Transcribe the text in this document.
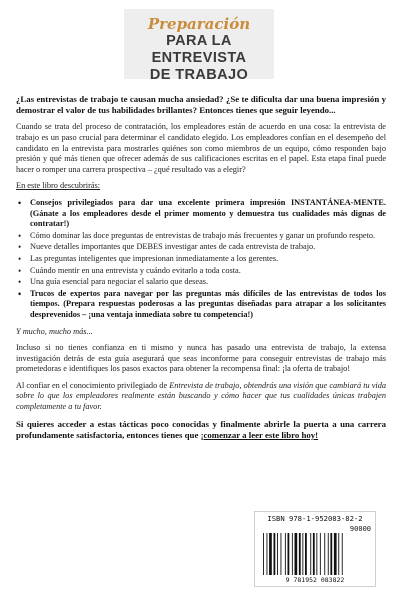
Preparación
PARA LA ENTREVISTA
DE TRABAJO

¿Las entrevistas de trabajo te causan mucha ansiedad? ¿Se te dificulta dar una buena impresión y demostrar el valor de tus habilidades brillantes? Entonces tienes que seguir leyendo...

Cuando se trata del proceso de contratación, los empleadores están de acuerdo en una cosa: la entrevista de trabajo es un paso crucial para determinar el candidato elegido. Los empleadores confían en el desempeño del candidato en la entrevista para mostrarles quiénes son como miembros de un equipo, cómo responden bajo presión y qué más tienen que ofrecer además de sus calificaciones escritas en el papel. Esta etapa final puede hacer o romper una carrera prospectiva – ¿qué resultado vas a elegir?

En este libro descubrirás:

• Consejos privilegiados para dar una excelente primera impresión INSTANTÁNEA-MENTE. (Gánate a los empleadores desde el primer momento y demuestra tus cualidades más dignas de contratar!)
• Cómo dominar las doce preguntas de entrevistas de trabajo más frecuentes y ganar un profundo respeto.
• Nueve detalles importantes que DEBES investigar antes de cada entrevista de trabajo.
• Las preguntas inteligentes que impresionan inmediatamente a los gerentes.
• Cuándo mentir en una entrevista y cuándo evitarlo a toda costa.
• Una guía esencial para negociar el salario que deseas.
• Trucos de expertos para navegar por las preguntas más difíciles de las entrevistas de todos los tiempos. (Prepara respuestas poderosas a las preguntas diseñadas para atrapar a los solicitantes desprevenidos – ¡una ventaja inmediata sobre tu competencia!)

Y mucho, mucho más...

Incluso si no tienes confianza en ti mismo y nunca has pasado una entrevista de trabajo, la extensa investigación detrás de esta guía asegurará que seas inconforme para conseguir entrevistas de trabajo más prometedoras e identifiques los pasos exactos para obtener la recompensa final: ¡la oferta de trabajo!

Al confiar en el conocimiento privilegiado de Entrevista de trabajo, obtendrás una visión que cambiará tu vida sobre lo que los empleadores realmente están buscando y cómo hacer que tus cualidades únicas trabajen completamente a tu favor.

Si quieres acceder a estas tácticas poco conocidas y finalmente abrirle la puerta a una carrera profundamente satisfactoria, entonces tienes que ¡comenzar a leer este libro hoy!

ISBN 978-1-952083-82-2
90000
9 781952 083822
